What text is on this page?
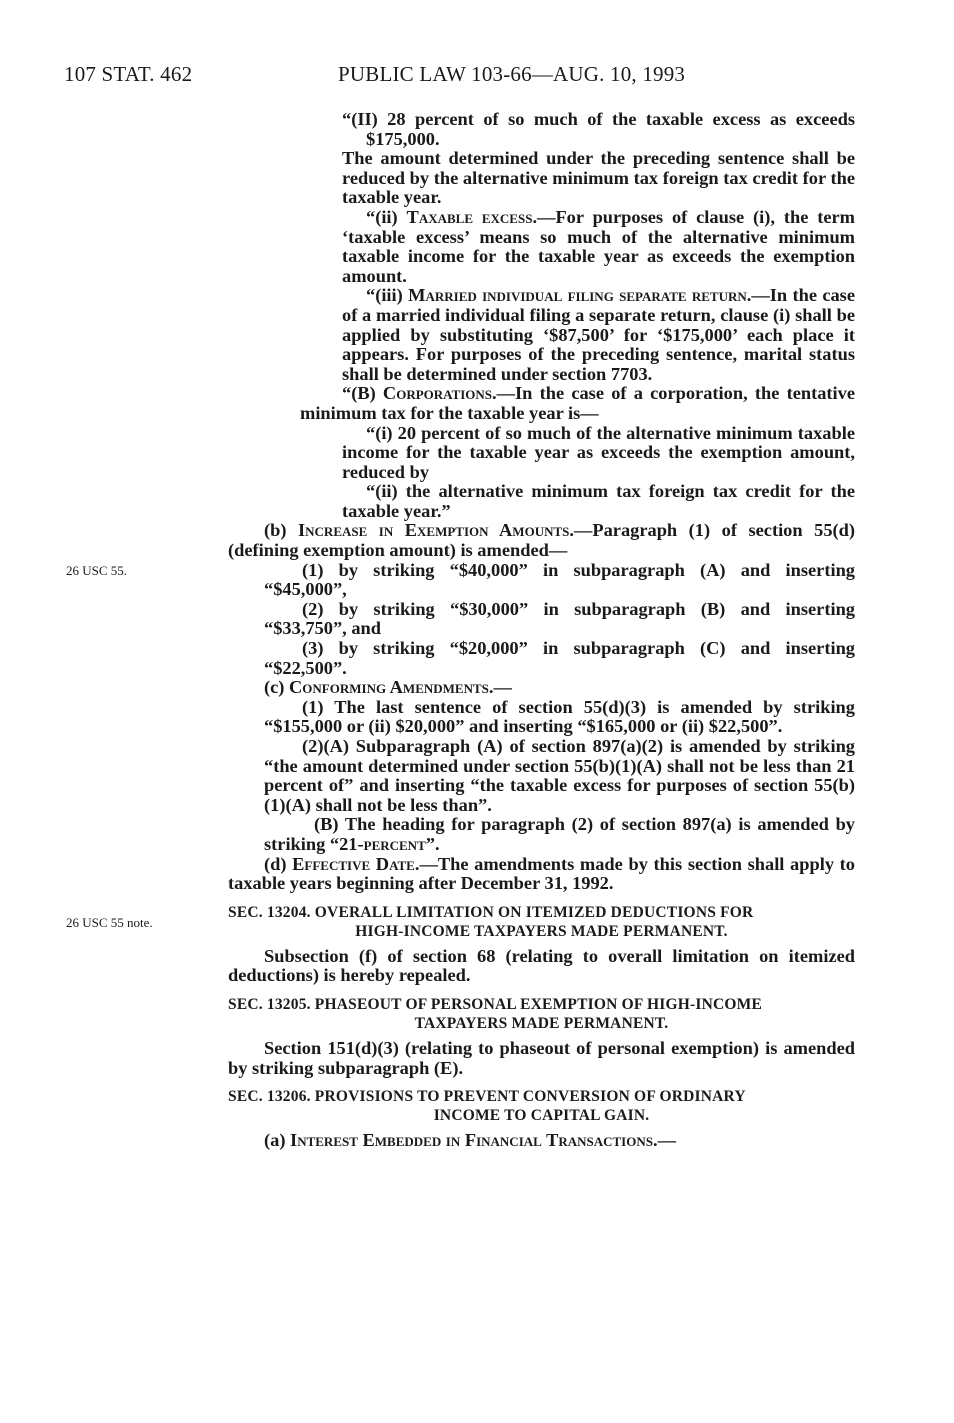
107 STAT. 462	PUBLIC LAW 103-66—AUG. 10, 1993
26 USC 55.
26 USC 55 note.

“(II) 28 percent of so much of the taxable excess as exceeds $175,000.

The amount determined under the preceding sentence shall be reduced by the alternative minimum tax foreign tax credit for the taxable year.

“(ii) Taxable excess.—For purposes of clause (i), the term ‘taxable excess’ means so much of the alternative minimum taxable income for the taxable year as exceeds the exemption amount.

“(iii) Married individual filing separate return.—In the case of a married individual filing a separate return, clause (i) shall be applied by substituting ‘$87,500’ for ‘$175,000’ each place it appears. For purposes of the preceding sentence, marital status shall be determined under section 7703.

“(B) Corporations.—In the case of a corporation, the tentative minimum tax for the taxable year is—

“(i) 20 percent of so much of the alternative minimum taxable income for the taxable year as exceeds the exemption amount, reduced by

“(ii) the alternative minimum tax foreign tax credit for the taxable year.”

(b) Increase in Exemption Amounts.—Paragraph (1) of section 55(d) (defining exemption amount) is amended—

(1) by striking “$40,000” in subparagraph (A) and inserting “$45,000”,

(2) by striking “$30,000” in subparagraph (B) and inserting “$33,750”, and

(3) by striking “$20,000” in subparagraph (C) and inserting “$22,500”.

(c) Conforming Amendments.—

(1) The last sentence of section 55(d)(3) is amended by striking “$155,000 or (ii) $20,000” and inserting “$165,000 or (ii) $22,500”.

(2)(A) Subparagraph (A) of section 897(a)(2) is amended by striking “the amount determined under section 55(b)(1)(A) shall not be less than 21 percent of” and inserting “the taxable excess for purposes of section 55(b)(1)(A) shall not be less than”.

(B) The heading for paragraph (2) of section 897(a) is amended by striking “21-percent”.

(d) Effective Date.—The amendments made by this section shall apply to taxable years beginning after December 31, 1992.

SEC. 13204. OVERALL LIMITATION ON ITEMIZED DEDUCTIONS FOR
HIGH-INCOME TAXPAYERS MADE PERMANENT.

Subsection (f) of section 68 (relating to overall limitation on itemized deductions) is hereby repealed.

SEC. 13205. PHASEOUT OF PERSONAL EXEMPTION OF HIGH-INCOME
TAXPAYERS MADE PERMANENT.

Section 151(d)(3) (relating to phaseout of personal exemption) is amended by striking subparagraph (E).

SEC. 13206. PROVISIONS TO PREVENT CONVERSION OF ORDINARY
INCOME TO CAPITAL GAIN.

(a) Interest Embedded in Financial Transactions.—
